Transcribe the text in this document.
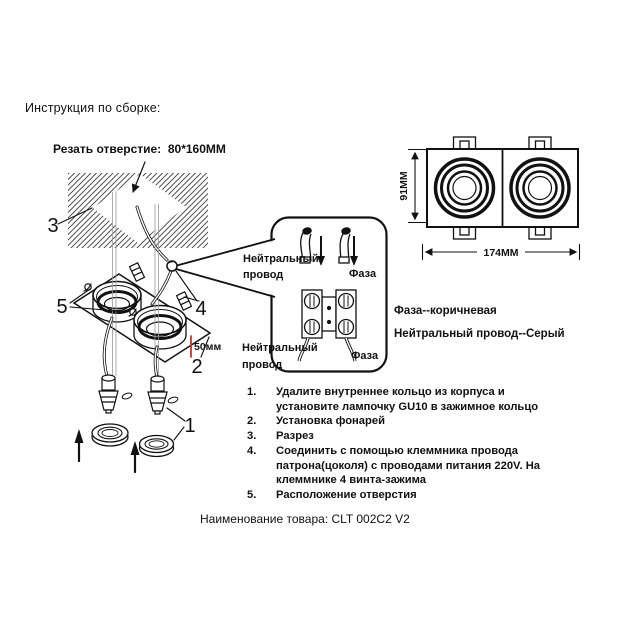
50мм
3
5	4
2
1
91MM
174MM
Инструкция по сборке:
Резать отверстие:  80*160MM
Нейтральный
провод	Фаза
Нейтральный
провод
Фаза
Фаза--коричневая
Нейтральный провод--Серый
1.	Удалите внутреннее кольцо из корпуса и установите лампочку GU10 в зажимное кольцо
2.	Установка фонарей
3.	Разрез
4.	Соединить с помощью клеммника провода патрона(цоколя) с проводами питания 220V. На клеммнике 4 винта-зажима
5.	Расположение отверстия
Наименование товара: CLT 002C2 V2
